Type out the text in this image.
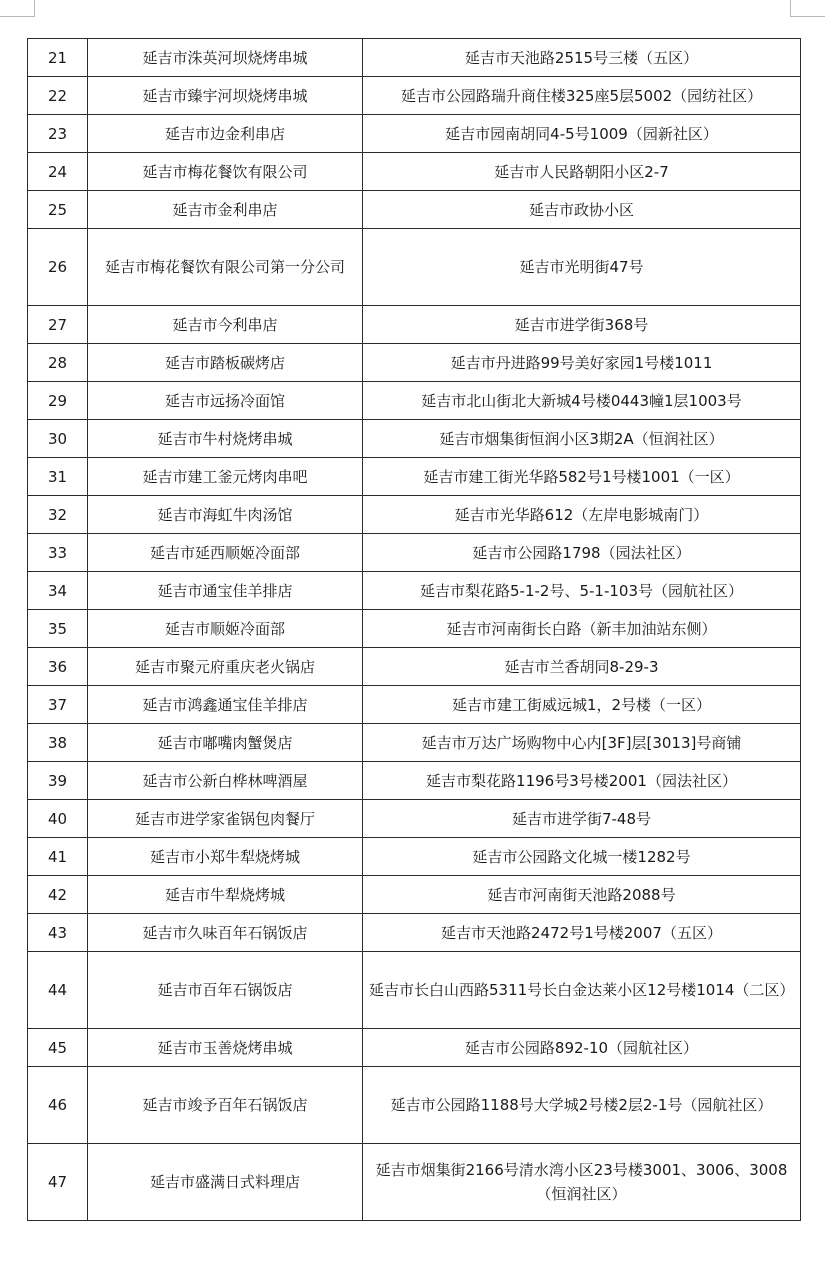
21	延吉市洙英河坝烧烤串城	延吉市天池路2515号三楼（五区）
22	延吉市臻宇河坝烧烤串城	延吉市公园路瑞升商住楼325座5层5002（园纺社区）
23	延吉市边金利串店	延吉市园南胡同4-5号1009（园新社区）
24	延吉市梅花餐饮有限公司	延吉市人民路朝阳小区2-7
25	延吉市金利串店	延吉市政协小区
26	延吉市梅花餐饮有限公司第一分公司	延吉市光明街47号
27	延吉市今利串店	延吉市进学街368号
28	延吉市踏板碳烤店	延吉市丹进路99号美好家园1号楼1011
29	延吉市远扬冷面馆	延吉市北山街北大新城4号楼0443幢1层1003号
30	延吉市牛村烧烤串城	延吉市烟集街恒润小区3期2A（恒润社区）
31	延吉市建工釜元烤肉串吧	延吉市建工街光华路582号1号楼1001（一区）
32	延吉市海虹牛肉汤馆	延吉市光华路612（左岸电影城南门）
33	延吉市延西顺姬冷面部	延吉市公园路1798（园法社区）
34	延吉市通宝佳羊排店	延吉市梨花路5-1-2号、5-1-103号（园航社区）
35	延吉市顺姬冷面部	延吉市河南街长白路（新丰加油站东侧）
36	延吉市聚元府重庆老火锅店	延吉市兰香胡同8-29-3
37	延吉市鸿鑫通宝佳羊排店	延吉市建工街威远城1，2号楼（一区）
38	延吉市嘟嘴肉蟹煲店	延吉市万达广场购物中心内[3F]层[3013]号商铺
39	延吉市公新白桦林啤酒屋	延吉市梨花路1196号3号楼2001（园法社区）
40	延吉市进学家雀锅包肉餐厅	延吉市进学街7-48号
41	延吉市小郑牛犁烧烤城	延吉市公园路文化城一楼1282号
42	延吉市牛犁烧烤城	延吉市河南街天池路2088号
43	延吉市久味百年石锅饭店	延吉市天池路2472号1号楼2007（五区）
44	延吉市百年石锅饭店	延吉市长白山西路5311号长白金达莱小区12号楼1014（二区）
45	延吉市玉善烧烤串城	延吉市公园路892-10（园航社区）
46	延吉市竣予百年石锅饭店	延吉市公园路1188号大学城2号楼2层2-1号（园航社区）
47	延吉市盛满日式料理店	延吉市烟集街2166号清水湾小区23号楼3001、3006、3008（恒润社区）
